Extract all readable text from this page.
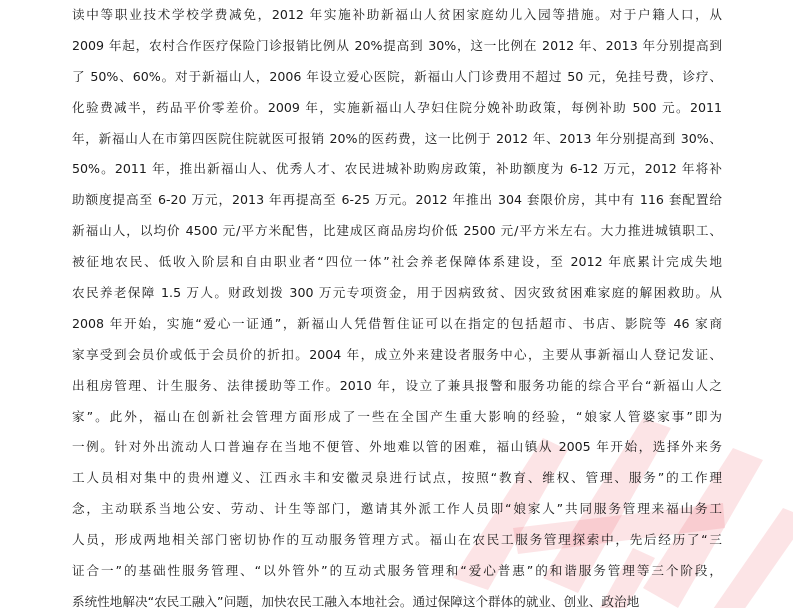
读中等职业技术学校学费减免，2012 年实施补助新福山人贫困家庭幼儿入园等措施。对于户籍人口，从
2009 年起，农村合作医疗保险门诊报销比例从 20%提高到 30%，这一比例在 2012 年、2013 年分别提高到
了 50%、60%。对于新福山人，2006 年设立爱心医院，新福山人门诊费用不超过 50 元，免挂号费，诊疗、
化验费减半，药品平价零差价。2009 年，实施新福山人孕妇住院分娩补助政策，每例补助 500 元。2011
年，新福山人在市第四医院住院就医可报销 20%的医药费，这一比例于 2012 年、2013 年分别提高到 30%、
50%。2011 年，推出新福山人、优秀人才、农民进城补助购房政策，补助额度为 6-12 万元，2012 年将补
助额度提高至 6-20 万元，2013 年再提高至 6-25 万元。2012 年推出 304 套限价房，其中有 116 套配置给
新福山人，以均价 4500 元/平方米配售，比建成区商品房均价低 2500 元/平方米左右。大力推进城镇职工、
被征地农民、低收入阶层和自由职业者“四位一体”社会养老保障体系建设，至 2012 年底累计完成失地
农民养老保障 1.5 万人。财政划拨 300 万元专项资金，用于因病致贫、因灾致贫困难家庭的解困救助。从
2008 年开始，实施“爱心一证通”，新福山人凭借暂住证可以在指定的包括超市、书店、影院等 46 家商
家享受到会员价或低于会员价的折扣。2004 年，成立外来建设者服务中心，主要从事新福山人登记发证、
出租房管理、计生服务、法律援助等工作。2010 年，设立了兼具报警和服务功能的综合平台“新福山人之
家”。此外，福山在创新社会管理方面形成了一些在全国产生重大影响的经验，“娘家人管婆家事”即为
一例。针对外出流动人口普遍存在当地不便管、外地难以管的困难，福山镇从 2005 年开始，选择外来务
工人员相对集中的贵州遵义、江西永丰和安徽灵泉进行试点，按照“教育、维权、管理、服务”的工作理
念，主动联系当地公安、劳动、计生等部门，邀请其外派工作人员即“娘家人”共同服务管理来福山务工
人员，形成两地相关部门密切协作的互动服务管理方式。福山在农民工服务管理探索中，先后经历了“三
证合一”的基础性服务管理、“以外管外”的互动式服务管理和“爱心普惠”的和谐服务管理等三个阶段，
系统性地解决“农民工融入”问题，加快农民工融入本地社会。通过保障这个群体的就业、创业、政治地
